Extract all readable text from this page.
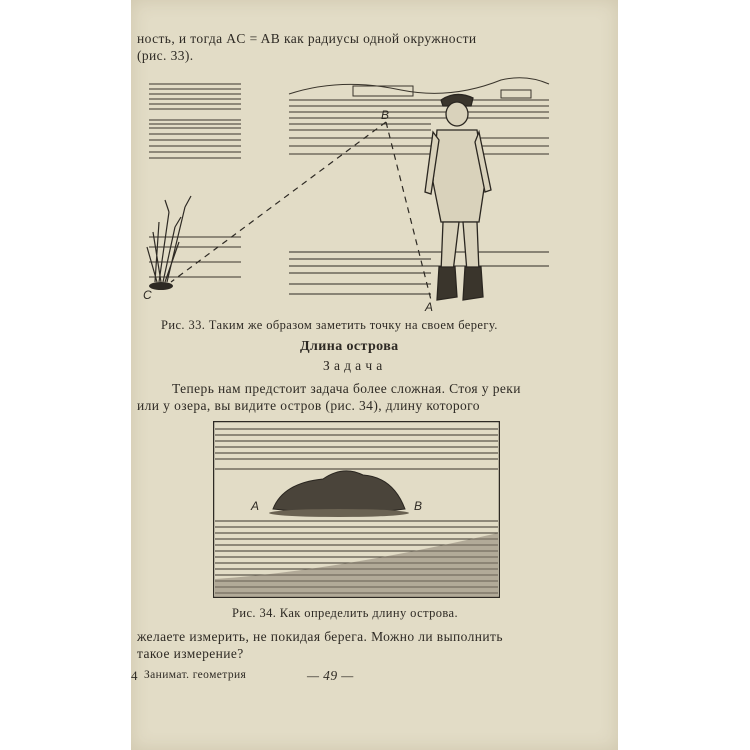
ность, и тогда AC = AB как радиусы одной окружности
(рис. 33).
C
B
A
Рис. 33. Таким же образом заметить точку на своем берегу.
Длина острова
З а д а ч а
Теперь нам предстоит задача более сложная. Стоя у реки
или у озера, вы видите остров (рис. 34), длину которого
A	B
Рис. 34. Как определить длину острова.
желаете измерить, не покидая берега. Можно ли выполнить
такое измерение?
4 Занимат. геометрия	— 49 —
